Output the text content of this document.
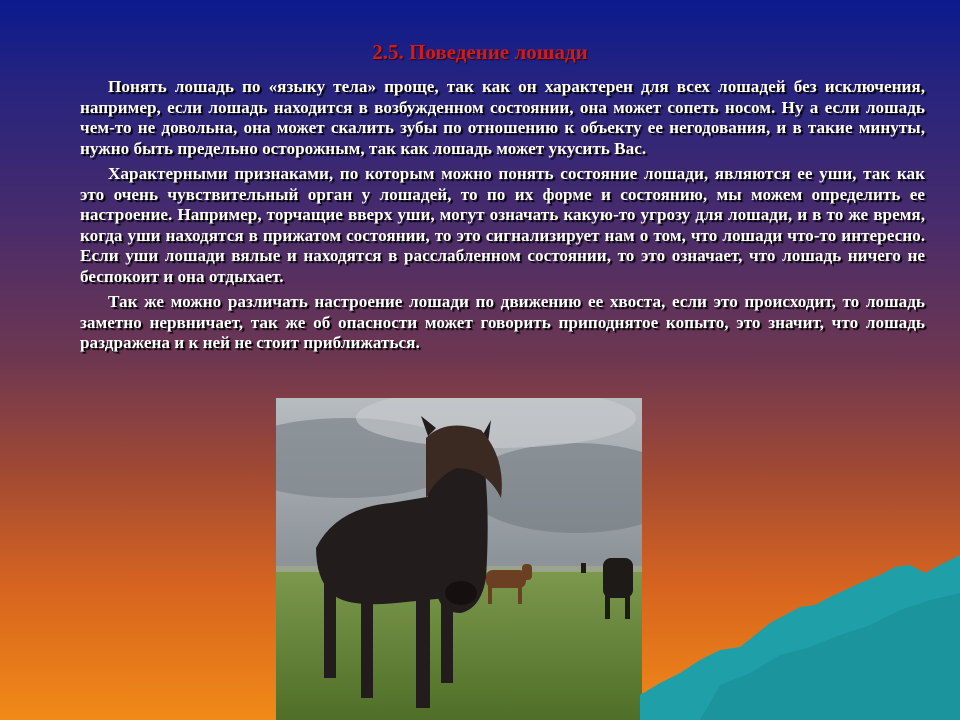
2.5. Поведение лошади

Понять лошадь по «языку тела» проще, так как он характерен для всех лошадей без исключения, например, если лошадь находится в возбужденном состоянии, она может сопеть носом. Ну а если лошадь чем-то не довольна, она может скалить зубы по отношению к объекту ее негодования, и в такие минуты, нужно быть предельно осторожным, так как лошадь может укусить Вас.

Характерными признаками, по которым можно понять состояние лошади, являются ее уши, так как это очень чувствительный орган у лошадей, то по их форме и состоянию, мы можем определить ее настроение. Например, торчащие вверх уши, могут означать какую-то угрозу для лошади, и в то же время, когда уши находятся в прижатом состоянии, то это сигнализирует нам о том, что лошади что-то интересно. Если уши лошади вялые и находятся в расслабленном состоянии, то это означает, что лошадь ничего не беспокоит и она отдыхает.

Так же можно различать настроение лошади по движению ее хвоста, если это происходит, то лошадь заметно нервничает, так же об опасности может говорить приподнятое копыто, это значит, что лошадь раздражена и к ней не стоит приближаться.
